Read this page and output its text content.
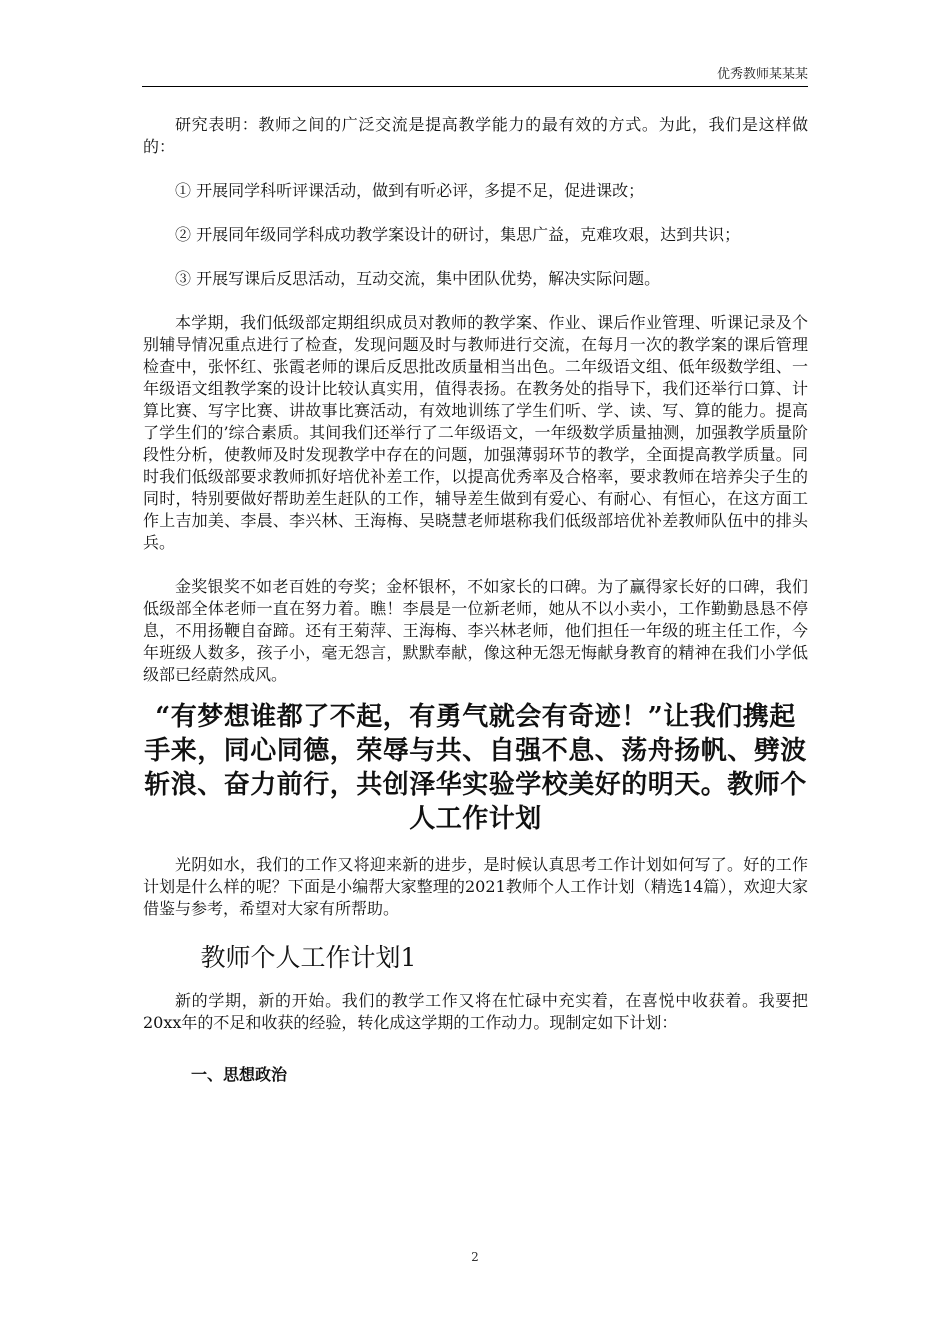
优秀教师某某某

研究表明：教师之间的广泛交流是提高教学能力的最有效的方式。为此，我们是这样做的：

① 开展同学科听评课活动，做到有听必评，多提不足，促进课改；

② 开展同年级同学科成功教学案设计的研讨，集思广益，克难攻艰，达到共识；

③ 开展写课后反思活动，互动交流，集中团队优势，解决实际问题。

本学期，我们低级部定期组织成员对教师的教学案、作业、课后作业管理、听课记录及个别辅导情况重点进行了检查，发现问题及时与教师进行交流，在每月一次的教学案的课后管理检查中，张怀红、张霞老师的课后反思批改质量相当出色。二年级语文组、低年级数学组、一年级语文组教学案的设计比较认真实用，值得表扬。在教务处的指导下，我们还举行口算、计算比赛、写字比赛、讲故事比赛活动，有效地训练了学生们听、学、读、写、算的能力。提高了学生们的’综合素质。其间我们还举行了二年级语文，一年级数学质量抽测，加强教学质量阶段性分析，使教师及时发现教学中存在的问题，加强薄弱环节的教学，全面提高教学质量。同时我们低级部要求教师抓好培优补差工作，以提高优秀率及合格率，要求教师在培养尖子生的同时，特别要做好帮助差生赶队的工作，辅导差生做到有爱心、有耐心、有恒心，在这方面工作上吉加美、李晨、李兴林、王海梅、吴晓慧老师堪称我们低级部培优补差教师队伍中的排头兵。

金奖银奖不如老百姓的夸奖；金杯银杯，不如家长的口碑。为了赢得家长好的口碑，我们低级部全体老师一直在努力着。瞧！李晨是一位新老师，她从不以小卖小，工作勤勤恳恳不停息，不用扬鞭自奋蹄。还有王菊萍、王海梅、李兴林老师，他们担任一年级的班主任工作，今年班级人数多，孩子小，毫无怨言，默默奉献，像这种无怨无悔献身教育的精神在我们小学低级部已经蔚然成风。

“有梦想谁都了不起，有勇气就会有奇迹！”让我们携起手来，同心同德，荣辱与共、自强不息、荡舟扬帆、劈波斩浪、奋力前行，共创泽华实验学校美好的明天。教师个人工作计划

光阴如水，我们的工作又将迎来新的进步，是时候认真思考工作计划如何写了。好的工作计划是什么样的呢？下面是小编帮大家整理的2021教师个人工作计划（精选14篇），欢迎大家借鉴与参考，希望对大家有所帮助。

教师个人工作计划1

新的学期，新的开始。我们的教学工作又将在忙碌中充实着，在喜悦中收获着。我要把20xx年的不足和收获的经验，转化成这学期的工作动力。现制定如下计划：

一、思想政治
2
